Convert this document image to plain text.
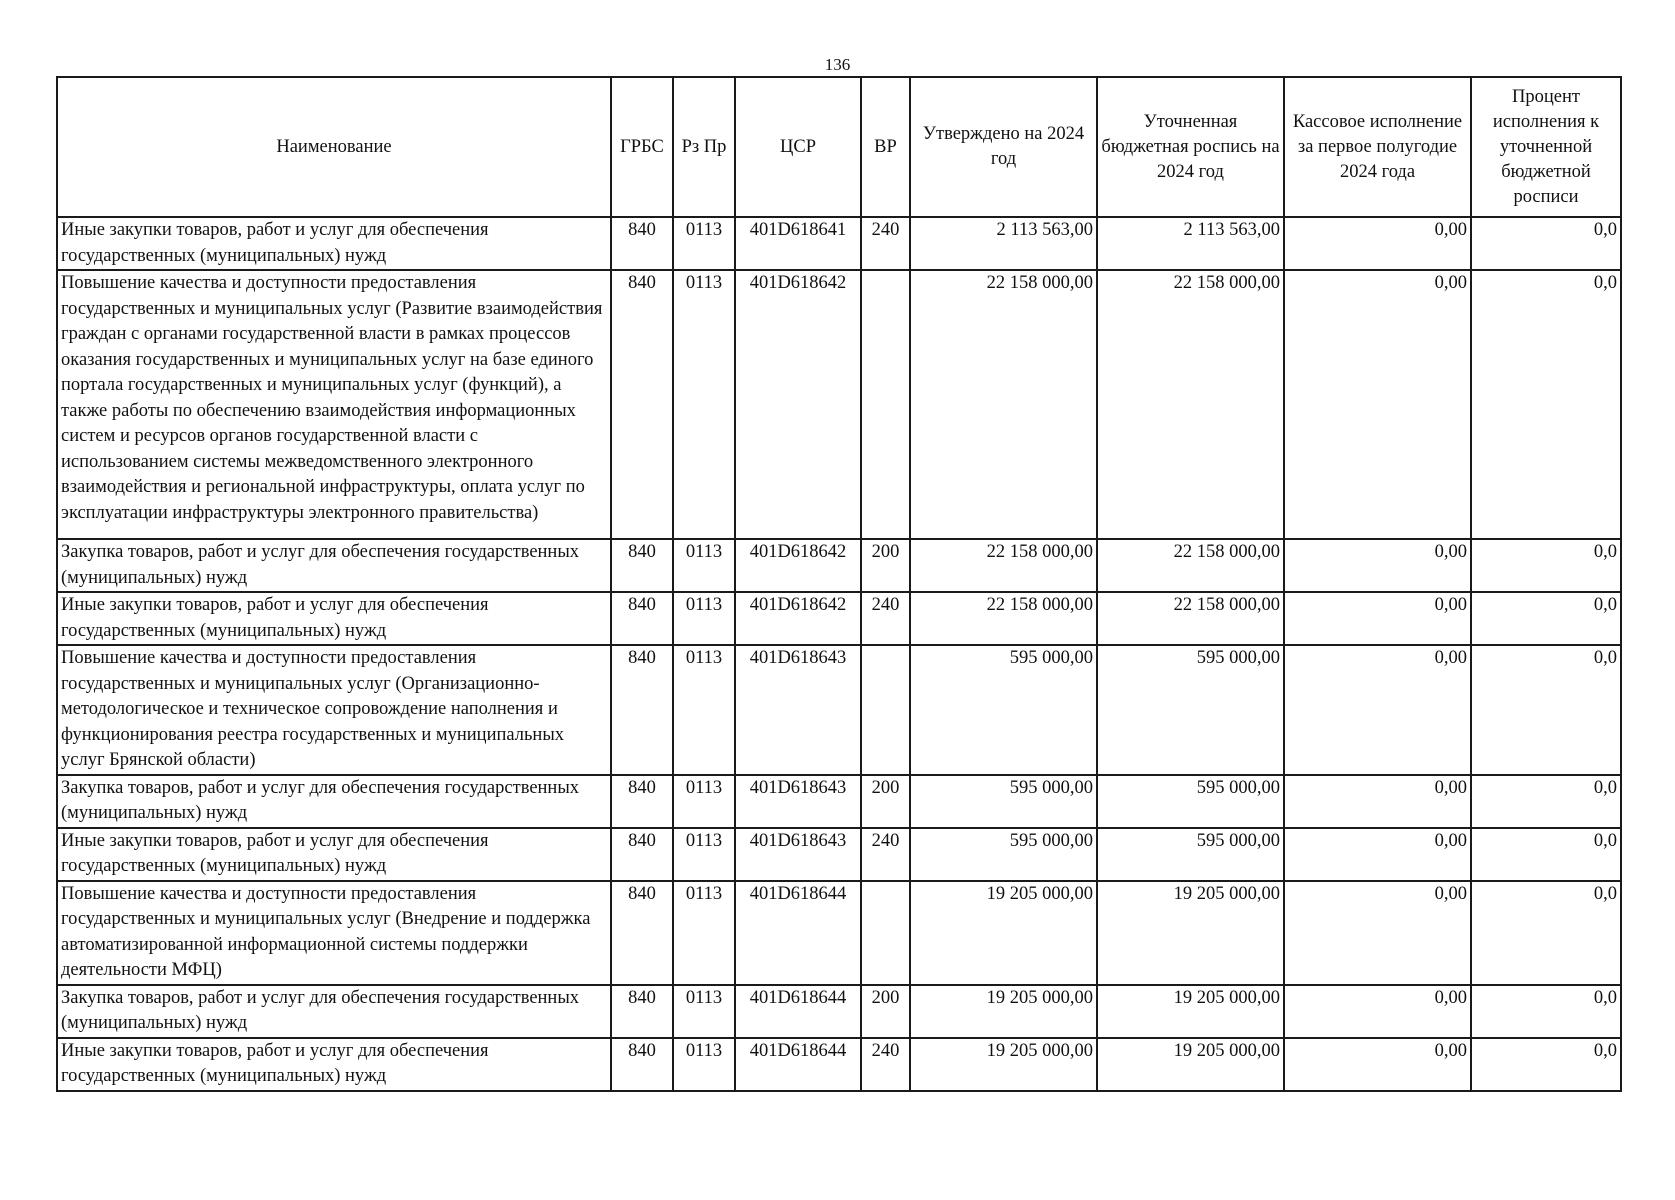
136
Наименование	ГРБС	Рз Пр	ЦСР	ВР	Утверждено на 2024 год	Уточненная бюджетная роспись на 2024 год	Кассовое исполнение за первое полугодие 2024 года	Процент исполнения к уточненной бюджетной росписи
Иные закупки товаров, работ и услуг для обеспечения государственных (муниципальных) нужд	840	0113	401D618641	240	2 113 563,00	2 113 563,00	0,00	0,0
Повышение качества и доступности предоставления государственных и муниципальных услуг (Развитие взаимодействия граждан с органами государственной власти в рамках процессов оказания государственных и муниципальных услуг на базе единого портала государственных и муниципальных услуг (функций), а также работы по обеспечению взаимодействия информационных систем и ресурсов органов государственной власти с использованием системы межведомственного электронного взаимодействия и региональной инфраструктуры, оплата услуг по эксплуатации инфраструктуры электронного правительства)	840	0113	401D618642		22 158 000,00	22 158 000,00	0,00	0,0
Закупка товаров, работ и услуг для обеспечения государственных (муниципальных) нужд	840	0113	401D618642	200	22 158 000,00	22 158 000,00	0,00	0,0
Иные закупки товаров, работ и услуг для обеспечения государственных (муниципальных) нужд	840	0113	401D618642	240	22 158 000,00	22 158 000,00	0,00	0,0
Повышение качества и доступности предоставления государственных и муниципальных услуг (Организационно-методологическое и техническое сопровождение наполнения и функционирования реестра государственных и муниципальных услуг Брянской области)	840	0113	401D618643		595 000,00	595 000,00	0,00	0,0
Закупка товаров, работ и услуг для обеспечения государственных (муниципальных) нужд	840	0113	401D618643	200	595 000,00	595 000,00	0,00	0,0
Иные закупки товаров, работ и услуг для обеспечения государственных (муниципальных) нужд	840	0113	401D618643	240	595 000,00	595 000,00	0,00	0,0
Повышение качества и доступности предоставления государственных и муниципальных услуг (Внедрение и поддержка автоматизированной информационной системы поддержки деятельности МФЦ)	840	0113	401D618644		19 205 000,00	19 205 000,00	0,00	0,0
Закупка товаров, работ и услуг для обеспечения государственных (муниципальных) нужд	840	0113	401D618644	200	19 205 000,00	19 205 000,00	0,00	0,0
Иные закупки товаров, работ и услуг для обеспечения государственных (муниципальных) нужд	840	0113	401D618644	240	19 205 000,00	19 205 000,00	0,00	0,0
